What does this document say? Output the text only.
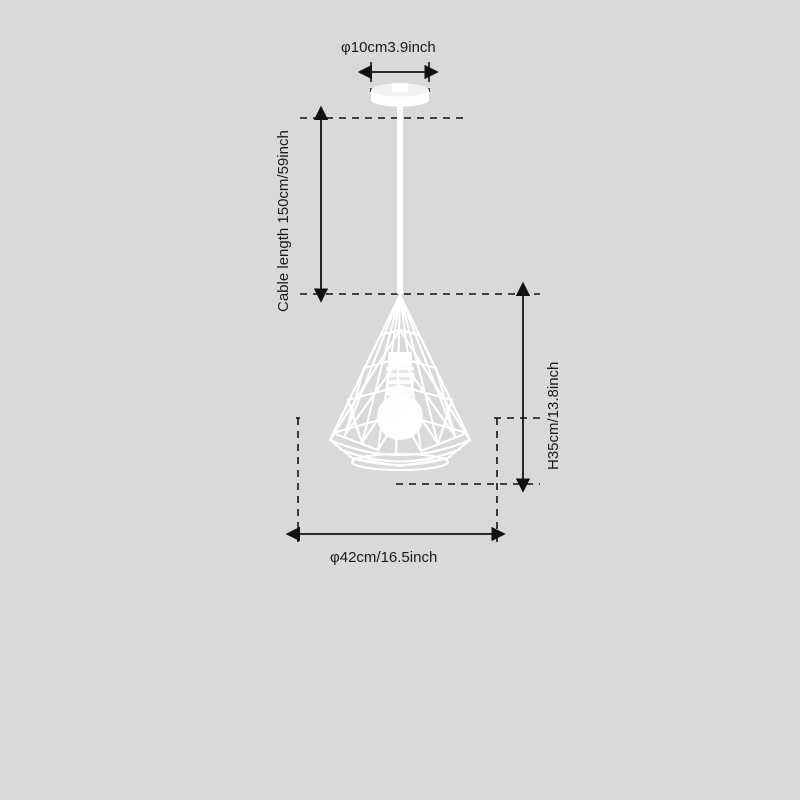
φ10cm3.9inch
Cable length 150cm/59inch
H35cm/13.8inch
φ42cm/16.5inch
